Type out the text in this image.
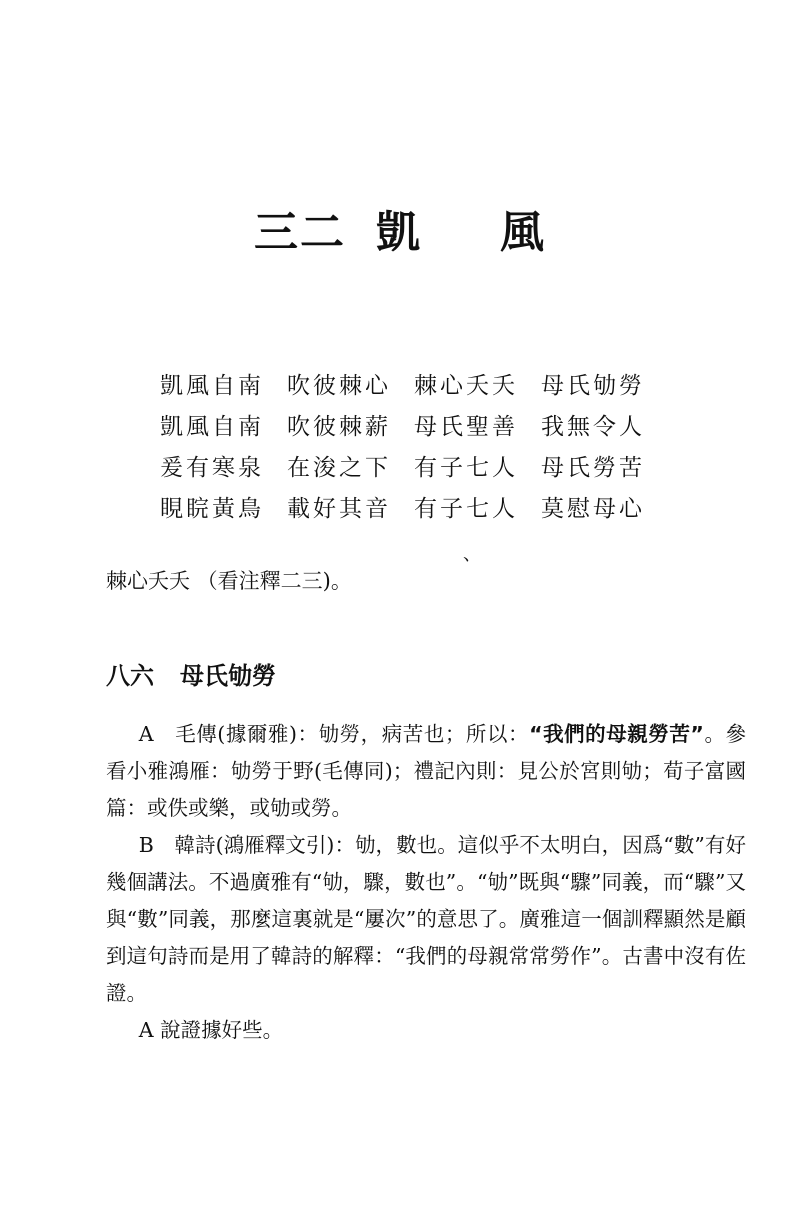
三二 凱 風
凱風自南 吹彼棘心 棘心夭夭 母氏劬勞
凱風自南 吹彼棘薪 母氏聖善 我無令人
爰有寒泉 在浚之下 有子七人 母氏勞苦
睍睆黃鳥 載好其音 有子七人 莫慰母心
、
棘心夭夭 （看注釋二三)。
八六 母氏劬勞

A　毛傳(據爾雅)：劬勞，病苦也；所以：“我們的母親勞苦”。參看小雅鴻雁：劬勞于野(毛傳同)；禮記內則：見公於宮則劬；荀子富國篇：或佚或樂，或劬或勞。

B　韓詩(鴻雁釋文引)：劬，數也。這似乎不太明白，因爲“數”有好幾個講法。不過廣雅有“劬，驟，數也”。“劬”既與“驟”同義，而“驟”又與“數”同義，那麼這裏就是“屢次”的意思了。廣雅這一個訓釋顯然是顧到這句詩而是用了韓詩的解釋：“我們的母親常常勞作”。古書中沒有佐證。

A 說證據好些。
